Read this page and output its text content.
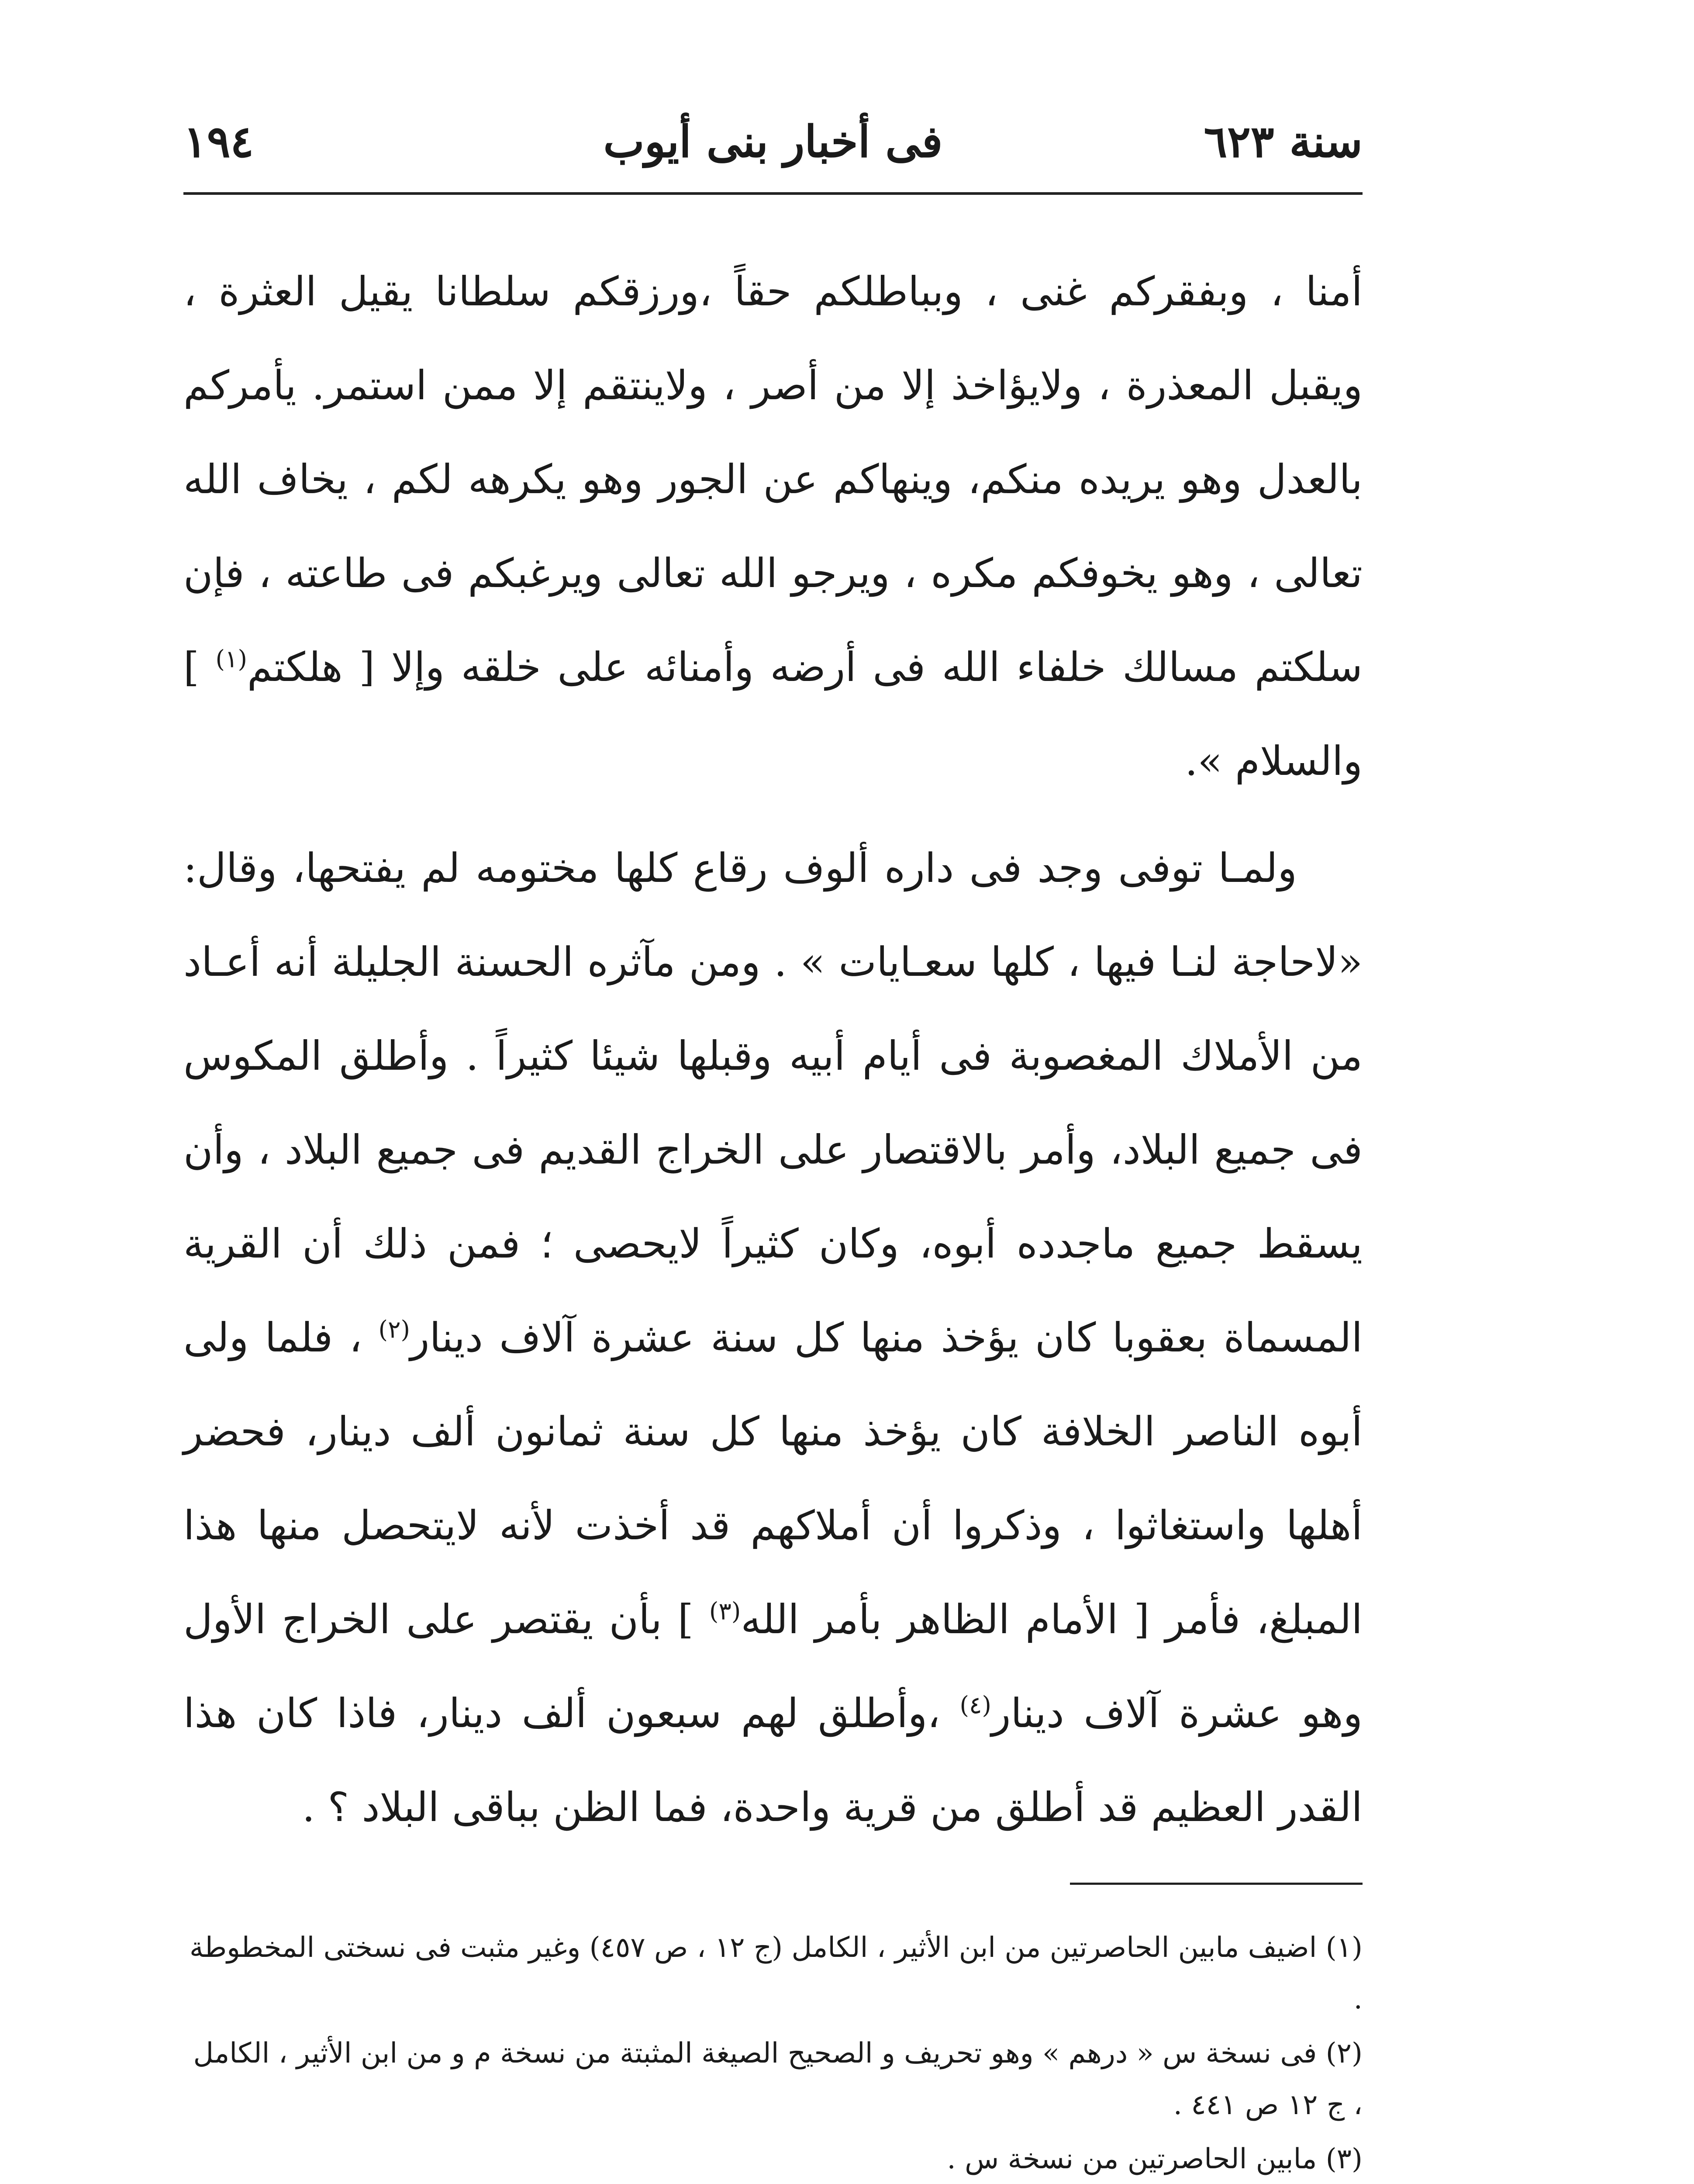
سنة ٦٢٣
فى أخبار بنى أيوب
١٩٤

أمنا ، وبفقركم غنى ، وبباطلكم حقاً ،ورزقكم سلطانا يقيل العثرة ، ويقبل المعذرة ، ولايؤاخذ إلا من أصر ، ولاينتقم إلا ممن استمر. يأمركم بالعدل وهو يريده منكم، وينهاكم عن الجور وهو يكرهه لكم ، يخاف الله تعالى ، وهو يخوفكم مكره ، ويرجو الله تعالى ويرغبكم فى طاعته ، فإن سلكتم مسالك خلفاء الله فى أرضه وأمنائه على خلقه وإلا [ هلكتم$^{(١)}$ ] والسلام ».

ولمـا توفى وجد فى داره ألوف رقاع كلها مختومه لم يفتحها، وقال: «لاحاجة لنـا فيها ، كلها سعـايات » . ومن مآثره الحسنة الجليلة أنه أعـاد من الأملاك المغصوبة فى أيام أبيه وقبلها شيئا كثيراً . وأطلق المكوس فى جميع البلاد، وأمر بالاقتصار على الخراج القديم فى جميع البلاد ، وأن يسقط جميع ماجدده أبوه، وكان كثيراً لايحصى ؛ فمن ذلك أن القرية المسماة بعقوبا كان يؤخذ منها كل سنة عشرة آلاف دينار$^{(٢)}$ ، فلما ولى أبوه الناصر الخلافة كان يؤخذ منها كل سنة ثمانون ألف دينار، فحضر أهلها واستغاثوا ، وذكروا أن أملاكهم قد أخذت لأنه لايتحصل منها هذا المبلغ، فأمر [ الأمام الظاهر بأمر الله$^{(٣)}$ ] بأن يقتصر على الخراج الأول وهو عشرة آلاف دينار$^{(٤)}$ ،وأطلق لهم سبعون ألف دينار، فاذا كان هذا القدر العظيم قد أطلق من قرية واحدة، فما الظن بباقى البلاد ؟ .

(١) اضيف مابين الحاصرتين من ابن الأثير ، الكامل (ج ١٢ ، ص ٤٥٧) وغير مثبت فى نسختى المخطوطة .

(٢) فى نسخة س « درهم » وهو تحريف و الصحيح الصيغة المثبتة من نسخة م و من ابن الأثير ، الكامل ، ج ١٢ ص ٤٤١ .

(٣) مابين الحاصرتين من نسخة س .
